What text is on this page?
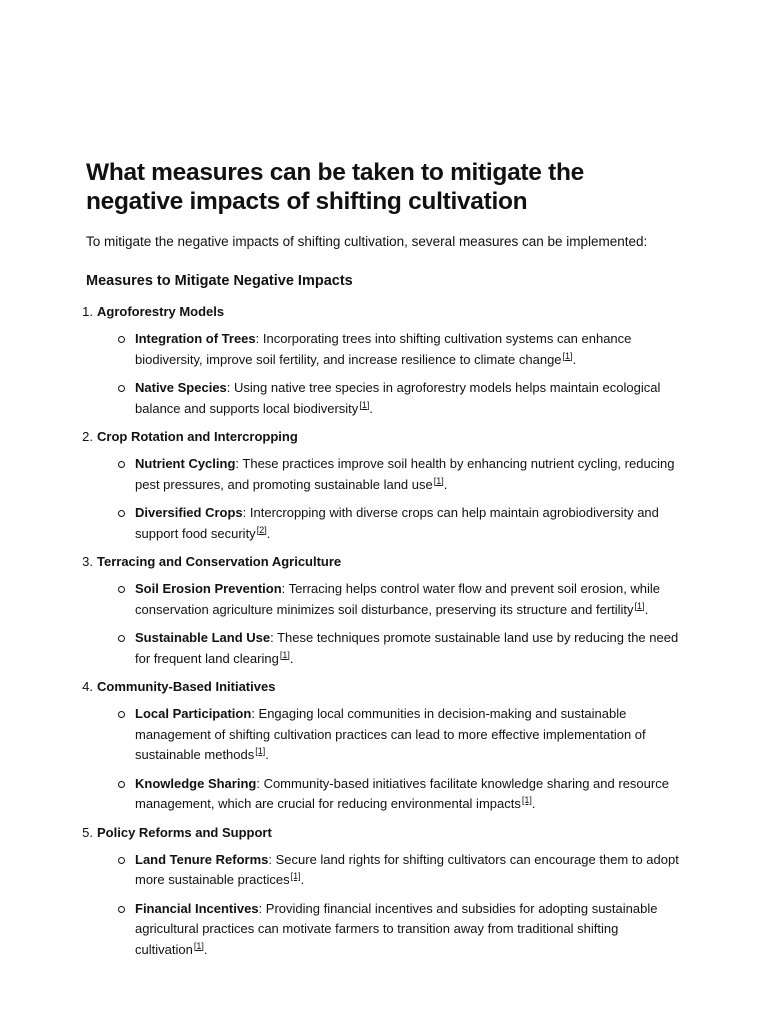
What measures can be taken to mitigate the negative impacts of shifting cultivation

To mitigate the negative impacts of shifting cultivation, several measures can be implemented:

Measures to Mitigate Negative Impacts
1. Agroforestry Models
Integration of Trees: Incorporating trees into shifting cultivation systems can enhance biodiversity, improve soil fertility, and increase resilience to climate change[1].
Native Species: Using native tree species in agroforestry models helps maintain ecological balance and supports local biodiversity[1].
2. Crop Rotation and Intercropping
Nutrient Cycling: These practices improve soil health by enhancing nutrient cycling, reducing pest pressures, and promoting sustainable land use[1].
Diversified Crops: Intercropping with diverse crops can help maintain agrobiodiversity and support food security[2].
3. Terracing and Conservation Agriculture
Soil Erosion Prevention: Terracing helps control water flow and prevent soil erosion, while conservation agriculture minimizes soil disturbance, preserving its structure and fertility[1].
Sustainable Land Use: These techniques promote sustainable land use by reducing the need for frequent land clearing[1].
4. Community-Based Initiatives
Local Participation: Engaging local communities in decision-making and sustainable management of shifting cultivation practices can lead to more effective implementation of sustainable methods[1].
Knowledge Sharing: Community-based initiatives facilitate knowledge sharing and resource management, which are crucial for reducing environmental impacts[1].
5. Policy Reforms and Support
Land Tenure Reforms: Secure land rights for shifting cultivators can encourage them to adopt more sustainable practices[1].
Financial Incentives: Providing financial incentives and subsidies for adopting sustainable agricultural practices can motivate farmers to transition away from traditional shifting cultivation[1].
